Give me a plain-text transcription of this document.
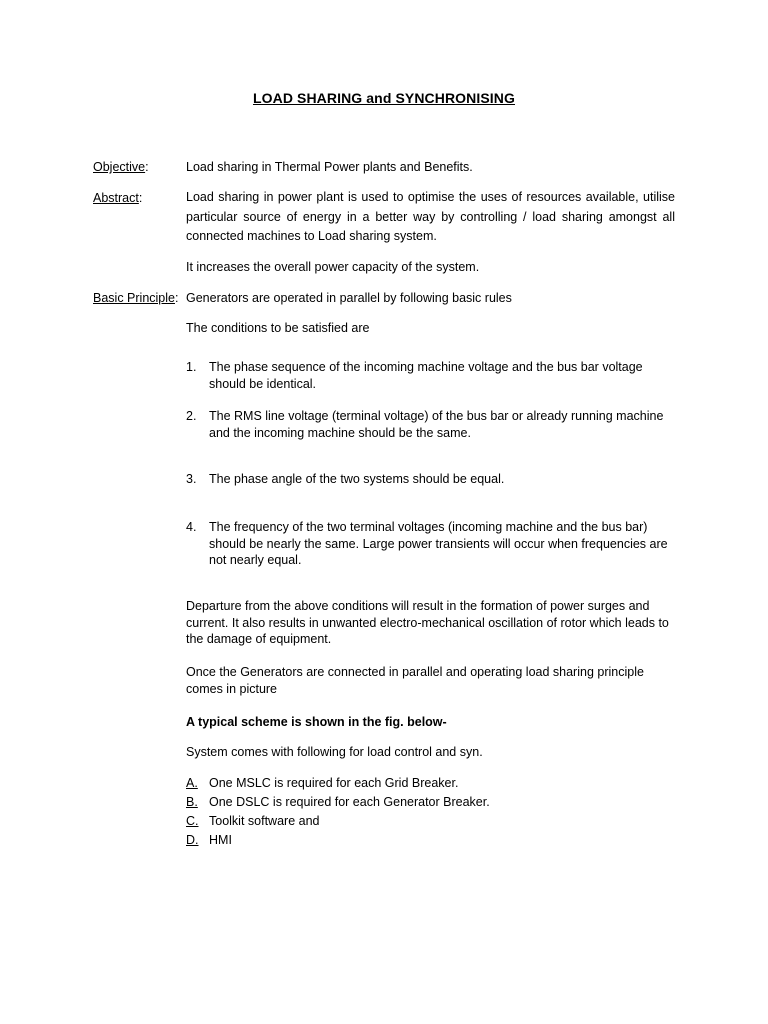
LOAD SHARING and SYNCHRONISING
Objective:	Load sharing in Thermal Power plants and Benefits.
Abstract:	Load sharing in power plant is used to optimise the uses of resources available, utilise particular source of energy in a better way by controlling / load sharing amongst all connected machines to Load sharing system.
It increases the overall power capacity of the system.
Basic Principle: Generators are operated in parallel by following basic rules
The conditions to be satisfied are
1. The phase sequence of the incoming machine voltage and the bus bar voltage should be identical.
2. The RMS line voltage (terminal voltage) of the bus bar or already running machine and the incoming machine should be the same.
3. The phase angle of the two systems should be equal.
4. The frequency of the two terminal voltages (incoming machine and the bus bar) should be nearly the same. Large power transients will occur when frequencies are not nearly equal.
Departure from the above conditions will result in the formation of power surges and current. It also results in unwanted electro-mechanical oscillation of rotor which leads to the damage of equipment.
Once the Generators are connected in parallel and operating load sharing principle comes in picture
A typical scheme is shown in the fig. below-
System comes with following for load control and syn.
A. One MSLC is required for each Grid Breaker.
B. One DSLC is required for each Generator Breaker.
C. Toolkit software and
D. HMI
